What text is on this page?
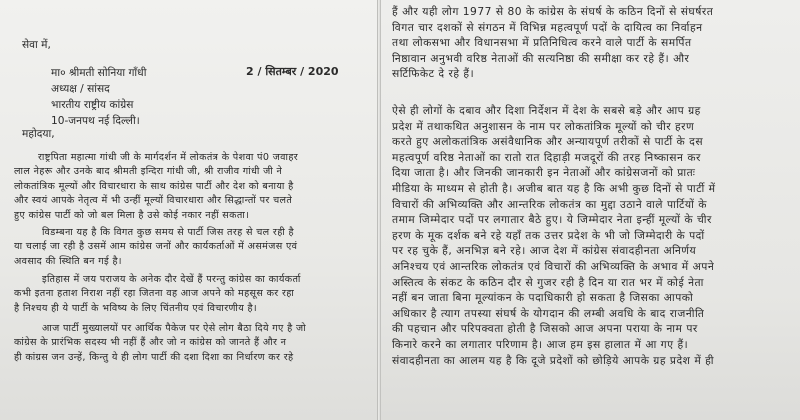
सेवा में,
मा० श्रीमती सोनिया गाँधी
अध्यक्ष / सांसद
भारतीय राष्ट्रीय कांग्रेस
10-जनपथ नई दिल्ली।
2 / सितम्बर / 2020
महोदया,
राष्ट्रपिता महात्मा गांधी जी के मार्गदर्शन में लोकतंत्र के पेशवा पं0 जवाहर
लाल नेहरू और उनके बाद श्रीमती इन्दिरा गांधी जी, श्री राजीव गांधी जी ने
लोकतांत्रिक मूल्यों और विचारधारा के साथ कांग्रेस पार्टी और देश को बनाया है
और स्वयं आपके नेतृत्व में भी उन्हीं मूल्यों विचारधारा और सिद्धान्तों पर चलते
हुए कांग्रेस पार्टी को जो बल मिला है उसे कोई नकार नहीं सकता।
विडम्बना यह है कि विगत कुछ समय से पार्टी जिस तरह से चल रही है
या चलाई जा रही है उसमें आम कांग्रेस जनों और कार्यकर्ताओं में असमंजस एवं
अवसाद की स्थिति बन गई है।
इतिहास में जय पराजय के अनेक दौर देखें हैं परन्तु कांग्रेस का कार्यकर्ता
कभी इतना हताश निराश नहीं रहा जितना वह आज अपने को महसूस कर रहा
है निश्चय ही ये पार्टी के भविष्य के लिए चिंतनीय एवं विचारणीय है।
आज पार्टी मुख्यालयों पर आर्थिक पैकेज पर ऐसे लोग बैठा दिये गए है जो
कांग्रेस के प्रारंभिक सदस्य भी नहीं हैं और जो न कांग्रेस को जानते हैं और न
ही कांग्रस जन उन्हें, किन्तु ये ही लोग पार्टी की दशा दिशा का निर्धारण कर रहे
हैं और यही लोग 1977 से 80 के कांग्रेस के संघर्ष के कठिन दिनों से संघर्षरत
विगत चार दशकों से संगठन में विभिन्न महत्वपूर्ण पदों के दायित्व का निर्वाहन
तथा लोकसभा और विधानसभा में प्रतिनिधित्व करने वाले पार्टी के समर्पित
निष्ठावान अनुभवी वरिष्ठ नेताओं की सत्यनिष्ठा की समीक्षा कर रहे हैं। और
सर्टिफिकेट दे रहे हैं।
ऐसे ही लोगों के दबाव और दिशा निर्देशन में देश के सबसे बड़े और आप ग्रह
प्रदेश में तथाकथित अनुशासन के नाम पर लोकतांत्रिक मूल्यों को चीर हरण
करते हुए अलोकतांत्रिक असंवैधानिक और अन्यायपूर्ण तरीकों से पार्टी के दस
महत्वपूर्ण वरिष्ठ नेताओं का रातो रात दिहाड़ी मजदूरों की तरह निष्कासन कर
दिया जाता है। और जिनकी जानकारी इन नेताओं और कांग्रेसजनों को प्रातः
मीडिया के माध्यम से होती है। अजीब बात यह है कि अभी कुछ दिनों से पार्टी में
विचारों की अभिव्यक्ति और आन्तरिक लोकतंत्र का मुद्दा उठाने वाले पार्टियों के
तमाम जिम्मेदार पदों पर लगातार बैठे हुए। ये जिम्मेदार नेता इन्हीं मूल्यों के चीर
हरण के मूक दर्शक बने रहे यहाँ तक उत्तर प्रदेश के भी जो जिम्मेदारी के पदों
पर रह चुके हैं, अनभिज्ञ बने रहे। आज देश में कांग्रेस संवादहीनता अनिर्णय
अनिश्चय एवं आन्तरिक लोकतंत्र एवं विचारों की अभिव्यक्ति के अभाव में अपने
अस्तित्व के संकट के कठिन दौर से गुजर रही है दिन या रात भर में कोई नेता
नहीं बन जाता बिना मूल्यांकन के पदाधिकारी हो सकता है जिसका आपको
अधिकार है त्याग तपस्या संघर्ष के योगदान की लम्बी अवधि के बाद राजनीति
की पहचान और परिपक्वता होती है जिसको आज अपना पराया के नाम पर
किनारे करने का लगातार परिणाम है। आज हम इस हालात में आ गए हैं।
संवादहीनता का आलम यह है कि दूजे प्रदेशों को छोड़िये आपके ग्रह प्रदेश में ही
